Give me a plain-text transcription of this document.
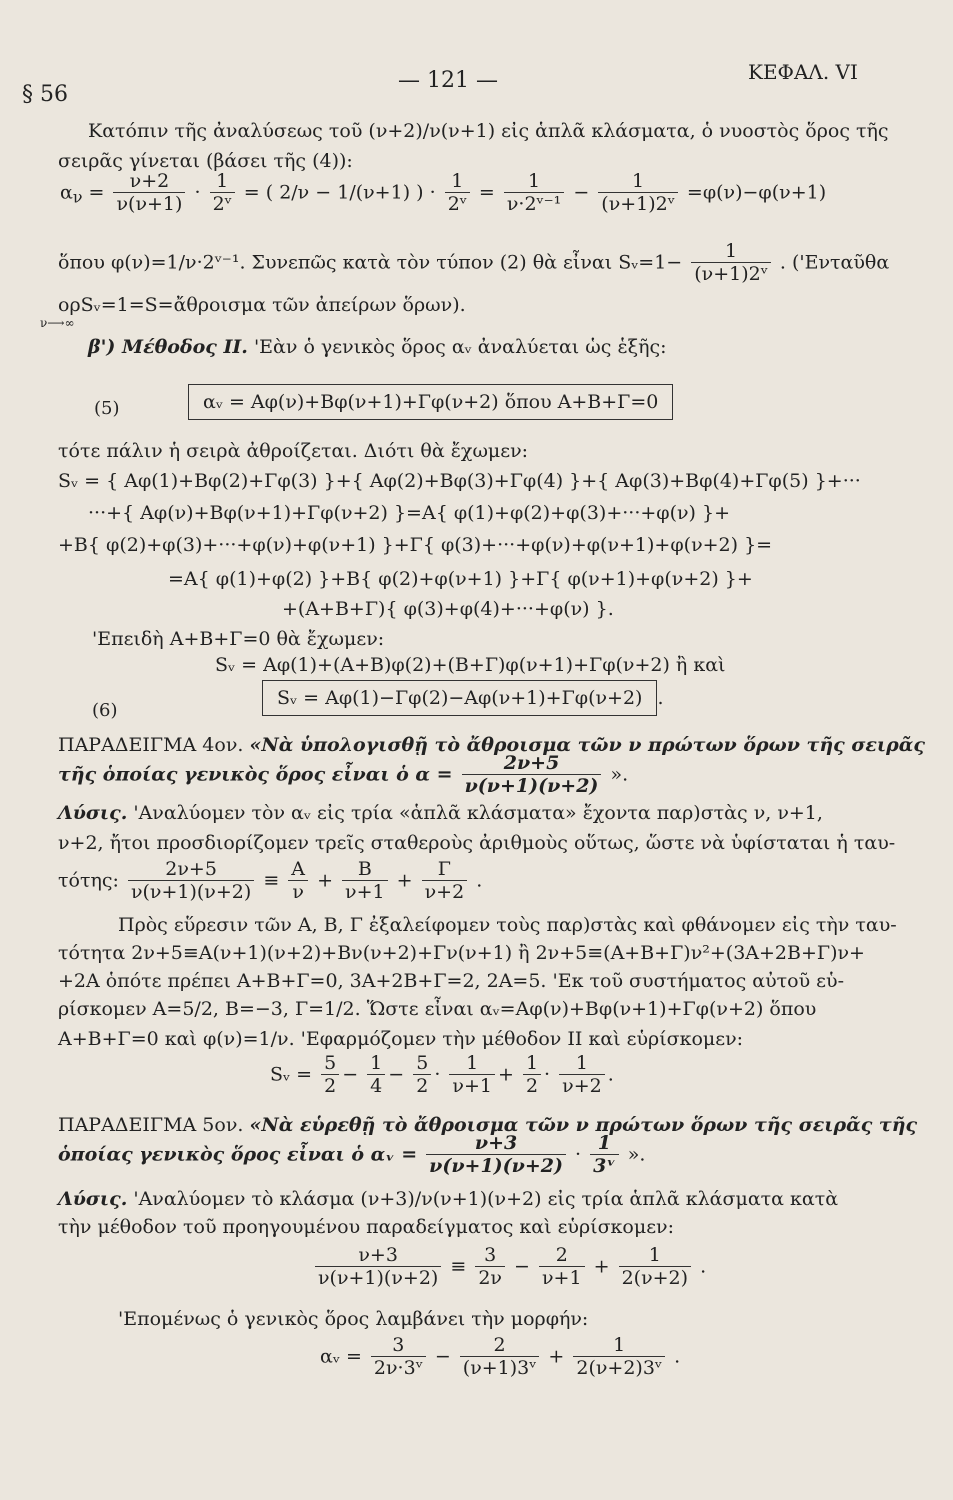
§ 56
— 121 —	ΚΕΦΑΛ. VI
Κατόπιν τῆς ἀναλύσεως τοῦ (ν+2)/ν(ν+1) εἰς ἁπλᾶ κλάσματα, ὁ νυοστὸς ὅρος τῆς
σειρᾶς γίνεται (βάσει τῆς (4)):
$\alpha_\nu = \frac{\nu+2}{\nu(\nu+1)} \cdot \frac{1}{\text{2ᵛ}}$ = ( 2/ν − 1/(ν+1) ) · $\frac{1}{\text{2ᵛ}} = \frac{1}{\text{ν·2ᵛ⁻¹}} - \frac{1}{\text{(ν+1)2ᵛ}} =\varphi(\nu)-\varphi(\nu+1)$
ὅπου φ(ν)=1/ν·2ᵛ⁻¹. Συνεπῶς κατὰ τὸν τύπον (2) θὰ εἶναι Sᵥ=1− $\frac{1}{\text{(ν+1)2ᵛ}}$ . ('Ενταῦθα
ορSᵥ=1=S=ἄθροισμα τῶν ἀπείρων ὅρων).
ν⟶∞
β') Μέθοδος ΙΙ. 'Εὰν ὁ γενικὸς ὅρος αᵥ ἀναλύεται ὡς ἑξῆς:
(5)	αᵥ = Αφ(ν)+Βφ(ν+1)+Γφ(ν+2) ὅπου Α+Β+Γ=0
τότε πάλιν ἡ σειρὰ ἀθροίζεται. Διότι θὰ ἔχωμεν:
Sᵥ = { Αφ(1)+Βφ(2)+Γφ(3) }+{ Αφ(2)+Βφ(3)+Γφ(4) }+{ Αφ(3)+Βφ(4)+Γφ(5) }+···
···+{ Αφ(ν)+Βφ(ν+1)+Γφ(ν+2) }=Α{ φ(1)+φ(2)+φ(3)+···+φ(ν) }+
+Β{ φ(2)+φ(3)+···+φ(ν)+φ(ν+1) }+Γ{ φ(3)+···+φ(ν)+φ(ν+1)+φ(ν+2) }=
=Α{ φ(1)+φ(2) }+Β{ φ(2)+φ(ν+1) }+Γ{ φ(ν+1)+φ(ν+2) }+
+(Α+Β+Γ){ φ(3)+φ(4)+···+φ(ν) }.
'Επειδὴ Α+Β+Γ=0 θὰ ἔχωμεν:
Sᵥ = Αφ(1)+(Α+Β)φ(2)+(Β+Γ)φ(ν+1)+Γφ(ν+2) ἢ καὶ
(6)
Sᵥ = Αφ(1)−Γφ(2)−Αφ(ν+1)+Γφ(ν+2) .
ΠΑΡΑΔΕΙΓΜΑ 4ον. «Νὰ ὑπολογισθῇ τὸ ἄθροισμα τῶν ν πρώτων ὅρων τῆς σειρᾶς
τῆς ὁποίας γενικὸς ὅρος εἶναι ὁ $\alpha = \frac{2\nu+5}{\nu(\nu+1)(\nu+2)}$ ».
Λύσις. 'Αναλύομεν τὸν αᵥ εἰς τρία «ἁπλᾶ κλάσματα» ἔχοντα παρ)στὰς ν, ν+1,
ν+2, ἤτοι προσδιορίζομεν τρεῖς σταθεροὺς ἀριθμοὺς οὕτως, ὥστε νὰ ὑφίσταται ἡ ταυ-
τότης: $\frac{2\nu+5}{\nu(\nu+1)(\nu+2)} \equiv \frac{A}{\nu} + \frac{B}{\nu+1} + \frac{\Gamma}{\nu+2}$ .
Πρὸς εὕρεσιν τῶν Α, Β, Γ ἐξαλείφομεν τοὺς παρ)στὰς καὶ φθάνομεν εἰς τὴν ταυ-
τότητα 2ν+5≡Α(ν+1)(ν+2)+Βν(ν+2)+Γν(ν+1) ἢ 2ν+5≡(Α+Β+Γ)ν²+(3Α+2Β+Γ)ν+
+2Α ὁπότε πρέπει Α+Β+Γ=0, 3Α+2Β+Γ=2, 2Α=5. 'Εκ τοῦ συστήματος αὐτοῦ εὑ-
ρίσκομεν Α=5/2, Β=−3, Γ=1/2. Ὥστε εἶναι αᵥ=Αφ(ν)+Βφ(ν+1)+Γφ(ν+2) ὅπου
Α+Β+Γ=0 καὶ φ(ν)=1/ν. 'Εφαρμόζομεν τὴν μέθοδον ΙΙ καὶ εὑρίσκομεν:
Sᵥ = $\frac{5}{2} - \frac{1}{4} - \frac{5}{2} \cdot \frac{1}{\nu+1} + \frac{1}{2} \cdot \frac{1}{\nu+2}$ .
ΠΑΡΑΔΕΙΓΜΑ 5ον. «Νὰ εὑρεθῇ τὸ ἄθροισμα τῶν ν πρώτων ὅρων τῆς σειρᾶς τῆς
ὁποίας γενικὸς ὅρος εἶναι ὁ αᵥ = $\frac{\nu+3}{\nu(\nu+1)(\nu+2)} \cdot \frac{1}{\text{3ᵛ}}$ ».
Λύσις. 'Αναλύομεν τὸ κλάσμα (ν+3)/ν(ν+1)(ν+2) εἰς τρία ἁπλᾶ κλάσματα κατὰ
τὴν μέθοδον τοῦ προηγουμένου παραδείγματος καὶ εὑρίσκομεν:
$\frac{\nu+3}{\nu(\nu+1)(\nu+2)} \equiv \frac{3}{2\nu} - \frac{2}{\nu+1} + \frac{1}{2(\nu+2)}$ .
'Επομένως ὁ γενικὸς ὅρος λαμβάνει τὴν μορφήν:
αᵥ = $\frac{3}{\text{2ν·3ᵛ}} - \frac{2}{\text{(ν+1)3ᵛ}} + \frac{1}{\text{2(ν+2)3ᵛ}}$ .
